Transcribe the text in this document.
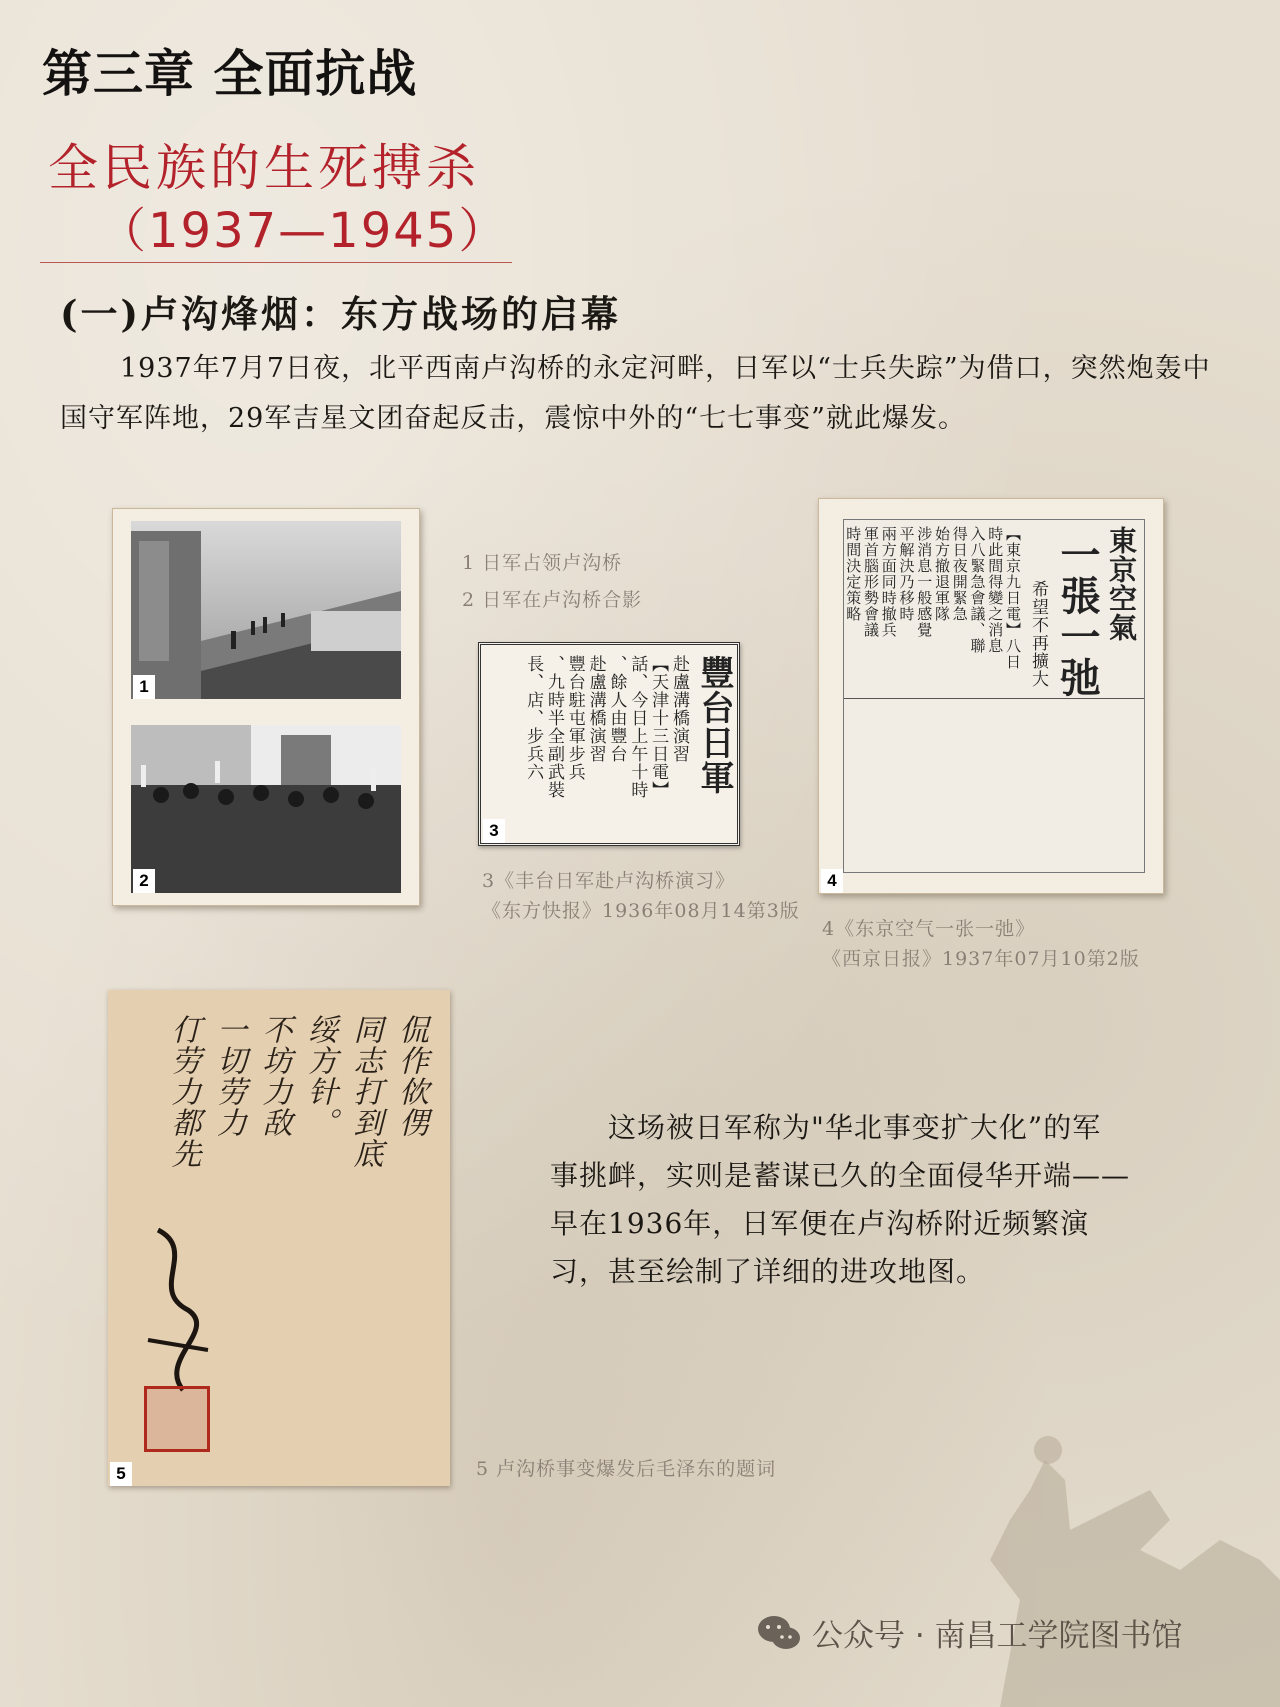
第三章 全面抗战
全民族的生死搏杀
（1937—1945）
(一)卢沟烽烟：东方战场的启幕
1937年7月7日夜，北平西南卢沟桥的永定河畔，日军以“士兵失踪”为借口，突然炮轰中国守军阵地，29军吉星文团奋起反击，震惊中外的“七七事变”就此爆发。
1
2
1 日军占领卢沟桥
2 日军在卢沟桥合影
豐台日軍
赴盧溝橋演習
【天津十三日電】
話、今日上午十時
、餘人由豐台
赴盧溝橋演習
豐台駐屯軍步兵
、九時半全副武裝
長、店、步兵六
3
3《丰台日军赴卢沟桥演习》
《东方快报》1936年08月14第3版
東京空氣
一張一弛
希望不再擴大
【東京九日電】八日
時此間得變之消息
入八緊急會議、聯
得日夜開緊急
始方撤退軍隊
涉消息一般感覺
平解決乃移時
兩方面同時撤兵
軍首腦形勢會議
時間決定策略
4
4《东京空气一张一弛》
《西京日报》1937年07月10第2版
侃作佽侽
同志打到底
绥方针。
不坊力敌
一切劳力
仃劳力都先
5	5 卢沟桥事变爆发后毛泽东的题词
这场被日军称为"华北事变扩大化”的军事挑衅，实则是蓄谋已久的全面侵华开端——早在1936年，日军便在卢沟桥附近频繁演习，甚至绘制了详细的进攻地图。
公众号 · 南昌工学院图书馆
